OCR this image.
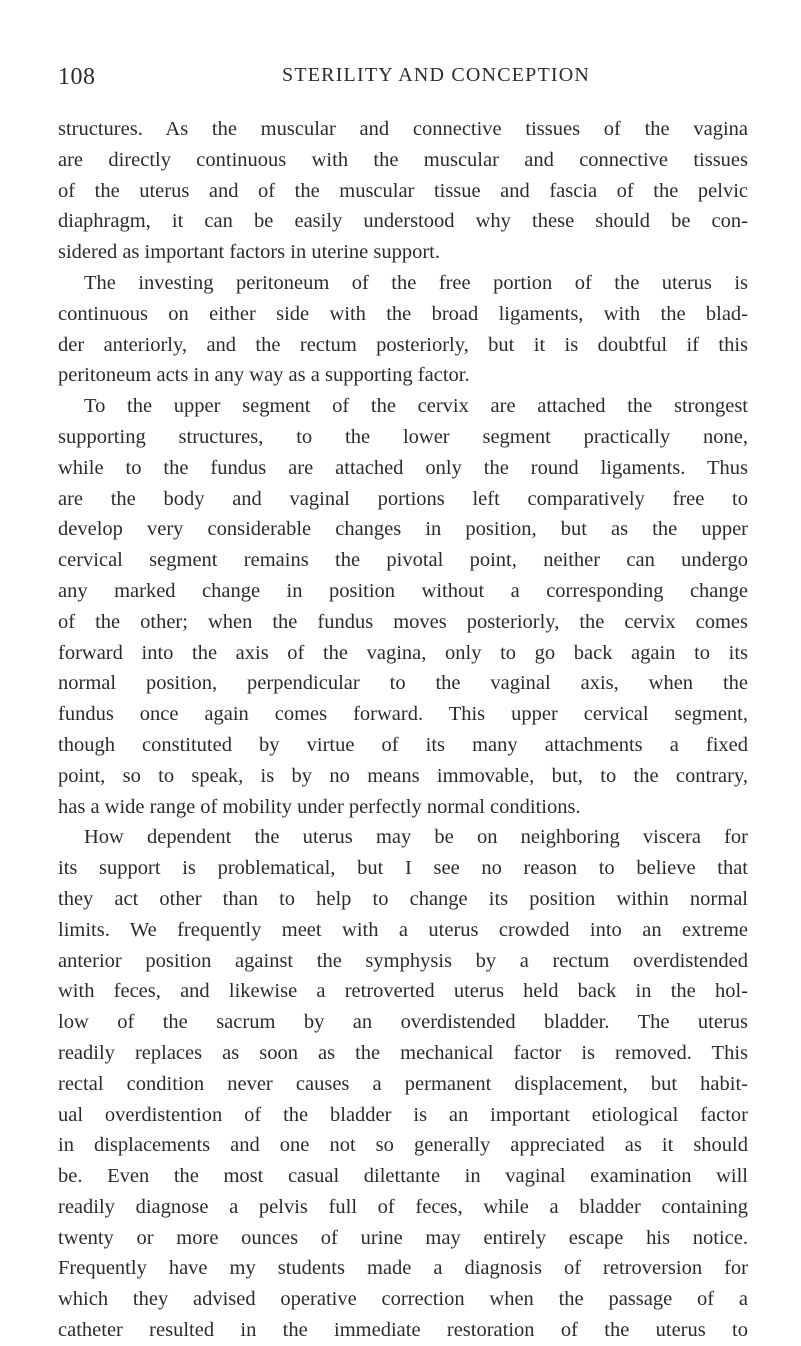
108	STERILITY AND CONCEPTION
structures. As the muscular and connective tissues of the vagina
are directly continuous with the muscular and connective tissues
of the uterus and of the muscular tissue and fascia of the pelvic
diaphragm, it can be easily understood why these should be con-
sidered as important factors in uterine support.
The investing peritoneum of the free portion of the uterus is
continuous on either side with the broad ligaments, with the blad-
der anteriorly, and the rectum posteriorly, but it is doubtful if this
peritoneum acts in any way as a supporting factor.
To the upper segment of the cervix are attached the strongest
supporting structures, to the lower segment practically none,
while to the fundus are attached only the round ligaments. Thus
are the body and vaginal portions left comparatively free to
develop very considerable changes in position, but as the upper
cervical segment remains the pivotal point, neither can undergo
any marked change in position without a corresponding change
of the other; when the fundus moves posteriorly, the cervix comes
forward into the axis of the vagina, only to go back again to its
normal position, perpendicular to the vaginal axis, when the
fundus once again comes forward. This upper cervical segment,
though constituted by virtue of its many attachments a fixed
point, so to speak, is by no means immovable, but, to the contrary,
has a wide range of mobility under perfectly normal conditions.
How dependent the uterus may be on neighboring viscera for
its support is problematical, but I see no reason to believe that
they act other than to help to change its position within normal
limits. We frequently meet with a uterus crowded into an extreme
anterior position against the symphysis by a rectum overdistended
with feces, and likewise a retroverted uterus held back in the hol-
low of the sacrum by an overdistended bladder. The uterus
readily replaces as soon as the mechanical factor is removed. This
rectal condition never causes a permanent displacement, but habit-
ual overdistention of the bladder is an important etiological factor
in displacements and one not so generally appreciated as it should
be. Even the most casual dilettante in vaginal examination will
readily diagnose a pelvis full of feces, while a bladder containing
twenty or more ounces of urine may entirely escape his notice.
Frequently have my students made a diagnosis of retroversion for
which they advised operative correction when the passage of a
catheter resulted in the immediate restoration of the uterus to
